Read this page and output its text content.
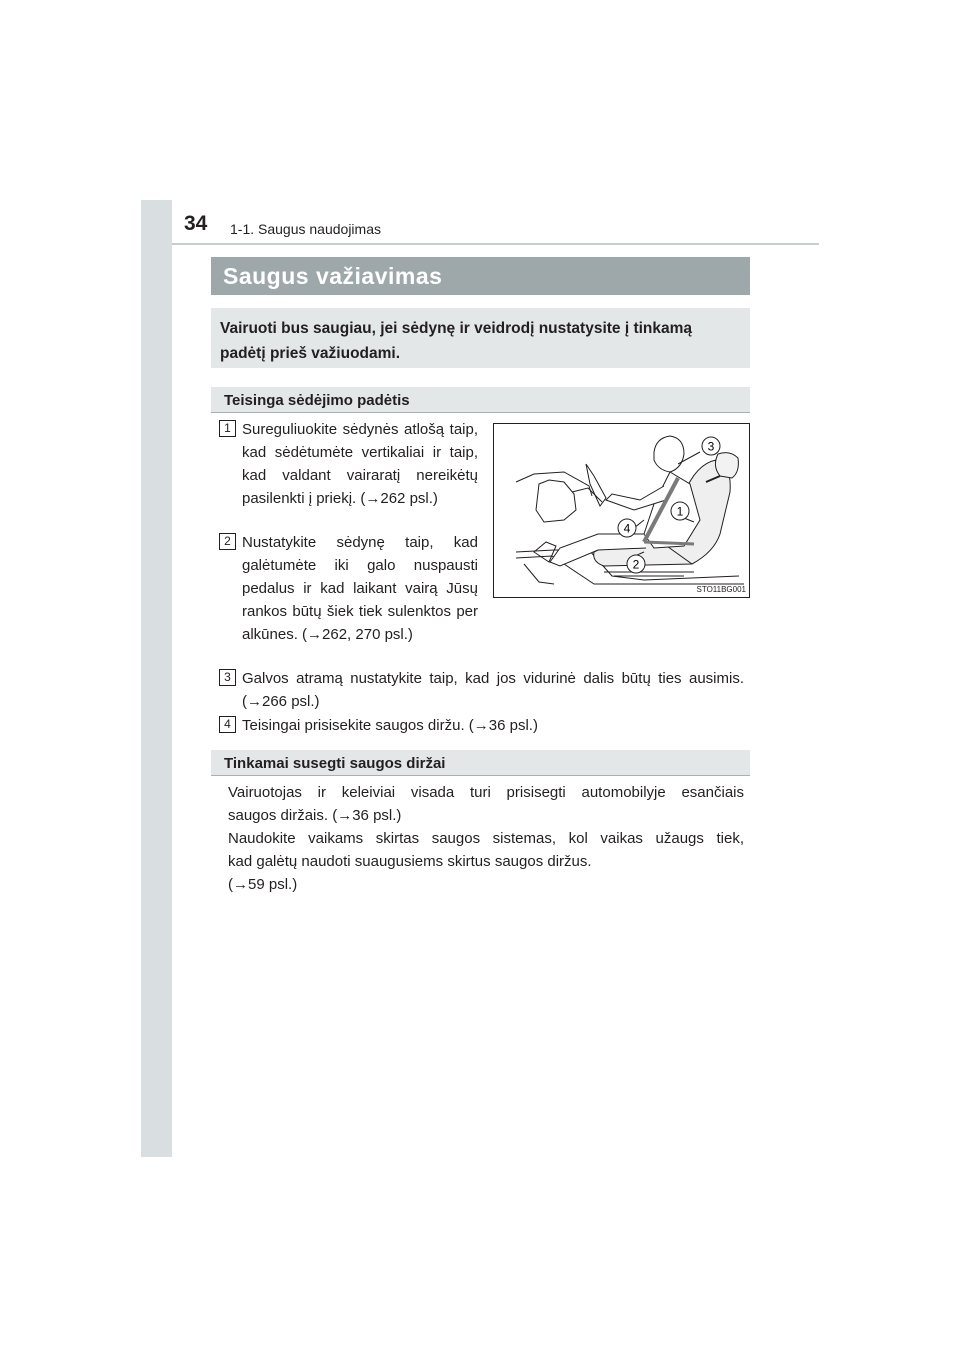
34 1-1. Saugus naudojimas
Saugus važiavimas
Vairuoti bus saugiau, jei sėdynę ir veidrodį nustatysite į tinkamą padėtį prieš važiuodami.
Teisinga sėdėjimo padėtis
1 Sureguliuokite sėdynės atlošą taip, kad sėdėtumėte vertikaliai ir taip, kad valdant vairaratį nereikėtų pasilenkti į priekį. (→262 psl.)
2 Nustatykite sėdynę taip, kad galėtumėte iki galo nuspausti pedalus ir kad laikant vairą Jūsų rankos būtų šiek tiek sulenktos per alkūnes. (→262, 270 psl.)
3 Galvos atramą nustatykite taip, kad jos vidurinė dalis būtų ties ausimis. (→266 psl.)
4 Teisingai prisisekite saugos diržu. (→36 psl.)
3
1
4
2
STO11BG001
Tinkamai susegti saugos diržai
Vairuotojas ir keleiviai visada turi prisisegti automobilyje esančiais
saugos diržais. (→36 psl.)
Naudokite vaikams skirtas saugos sistemas, kol vaikas užaugs tiek,
kad galėtų naudoti suaugusiems skirtus saugos diržus.
(→59 psl.)
